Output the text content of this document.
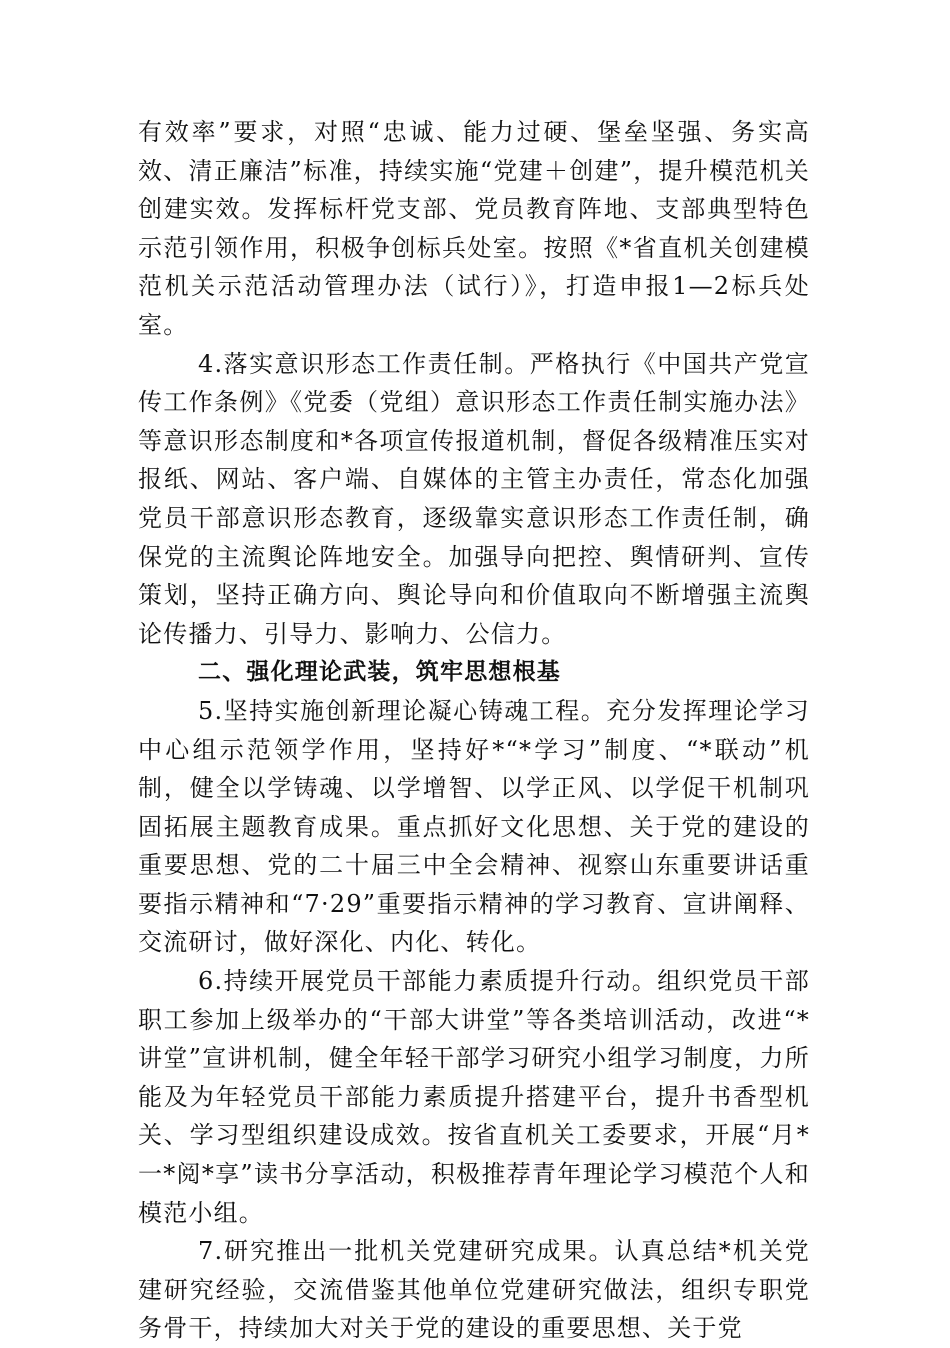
有效率”要求，对照“忠诚、能力过硬、堡垒坚强、务实高效、清正廉洁”标准，持续实施“党建＋创建”，提升模范机关创建实效。发挥标杆党支部、党员教育阵地、支部典型特色示范引领作用，积极争创标兵处室。按照《*省直机关创建模范机关示范活动管理办法（试行）》，打造申报1—2标兵处室。

4.落实意识形态工作责任制。严格执行《中国共产党宣传工作条例》《党委（党组）意识形态工作责任制实施办法》等意识形态制度和*各项宣传报道机制，督促各级精准压实对报纸、网站、客户端、自媒体的主管主办责任，常态化加强党员干部意识形态教育，逐级靠实意识形态工作责任制，确保党的主流舆论阵地安全。加强导向把控、舆情研判、宣传策划，坚持正确方向、舆论导向和价值取向不断增强主流舆论传播力、引导力、影响力、公信力。

二、强化理论武装，筑牢思想根基

5.坚持实施创新理论凝心铸魂工程。充分发挥理论学习中心组示范领学作用，坚持好*“*学习”制度、“*联动”机制，健全以学铸魂、以学增智、以学正风、以学促干机制巩固拓展主题教育成果。重点抓好文化思想、关于党的建设的重要思想、党的二十届三中全会精神、视察山东重要讲话重要指示精神和“7·29”重要指示精神的学习教育、宣讲阐释、交流研讨，做好深化、内化、转化。

6.持续开展党员干部能力素质提升行动。组织党员干部职工参加上级举办的“干部大讲堂”等各类培训活动，改进“*讲堂”宣讲机制，健全年轻干部学习研究小组学习制度，力所能及为年轻党员干部能力素质提升搭建平台，提升书香型机关、学习型组织建设成效。按省直机关工委要求，开展“月*一*阅*享”读书分享活动，积极推荐青年理论学习模范个人和模范小组。

7.研究推出一批机关党建研究成果。认真总结*机关党建研究经验，交流借鉴其他单位党建研究做法，组织专职党务骨干，持续加大对关于党的建设的重要思想、关于党
